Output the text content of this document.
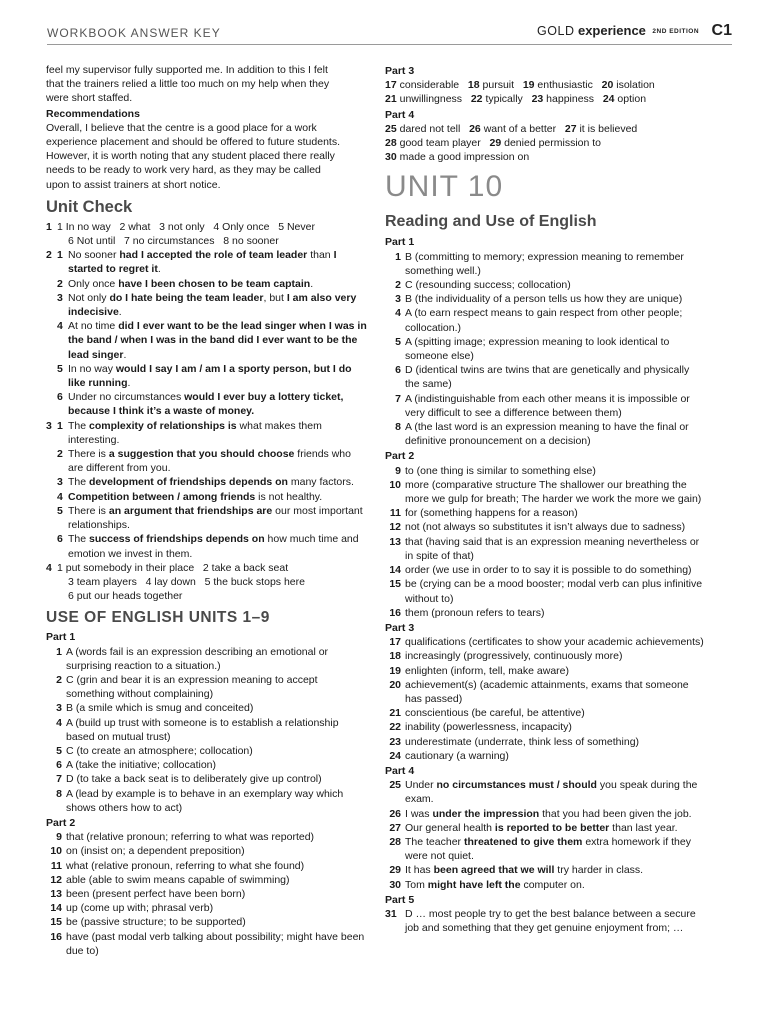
WORKBOOK ANSWER KEY	GOLD experience 2ND EDITION C1

feel my supervisor fully supported me. In addition to this I felt

that the trainers relied a little too much on my help when they

were short staffed.

Recommendations

Overall, I believe that the centre is a good place for a work

experience placement and should be offered to future students.

However, it is worth noting that any student placed there really

needs to be ready to work very hard, as they may be called

upon to assist trainers at short notice.

Unit Check
1 1 In no way   2 what   3 not only   4 Only once   5 Never
6 Not until   7 no circumstances   8 no sooner
2 1 No sooner had I accepted the role of team leader than I started to regret it.
2 Only once have I been chosen to be team captain.
3 Not only do I hate being the team leader, but I am also very indecisive.
4 At no time did I ever want to be the lead singer when I was in the band / when I was in the band did I ever want to be the lead singer.
5 In no way would I say I am / am I a sporty person, but I do like running.
6 Under no circumstances would I ever buy a lottery ticket, because I think it’s a waste of money.
3 1 The complexity of relationships is what makes them interesting.
2 There is a suggestion that you should choose friends who are different from you.
3 The development of friendships depends on many factors.
4 Competition between / among friends is not healthy.
5 There is an argument that friendships are our most important relationships.
6 The success of friendships depends on how much time and emotion we invest in them.
4 1 put somebody in their place   2 take a back seat
3 team players   4 lay down   5 the buck stops here
6 put our heads together
USE OF ENGLISH UNITS 1–9
Part 1
1 A (words fail is an expression describing an emotional or surprising reaction to a situation.)
2 C (grin and bear it is an expression meaning to accept something without complaining)
3 B (a smile which is smug and conceited)
4 A (build up trust with someone is to establish a relationship based on mutual trust)
5 C (to create an atmosphere; collocation)
6 A (take the initiative; collocation)
7 D (to take a back seat is to deliberately give up control)
8 A (lead by example is to behave in an exemplary way which shows others how to act)
Part 2
9 that (relative pronoun; referring to what was reported)
10 on (insist on; a dependent preposition)
11 what (relative pronoun, referring to what she found)
12 able (able to swim means capable of swimming)
13 been (present perfect have been born)
14 up (come up with; phrasal verb)
15 be (passive structure; to be supported)
16 have (past modal verb talking about possibility; might have been due to)
Part 3
17 considerable 18 pursuit 19 enthusiastic 20 isolation
21 unwillingness 22 typically 23 happiness 24 option
Part 4
25 dared not tell 26 want of a better 27 it is believed
28 good team player 29 denied permission to
30 made a good impression on
UNIT 10
Reading and Use of English
Part 1
1 B (committing to memory; expression meaning to remember something well.)
2 C (resounding success; collocation)
3 B (the individuality of a person tells us how they are unique)
4 A (to earn respect means to gain respect from other people; collocation.)
5 A (spitting image; expression meaning to look identical to someone else)
6 D (identical twins are twins that are genetically and physically the same)
7 A (indistinguishable from each other means it is impossible or very difficult to see a difference between them)
8 A (the last word is an expression meaning to have the final or definitive pronouncement on a decision)
Part 2
9 to (one thing is similar to something else)
10 more (comparative structure The shallower our breathing the more we gulp for breath; The harder we work the more we gain)
11 for (something happens for a reason)
12 not (not always so substitutes it isn’t always due to sadness)
13 that (having said that is an expression meaning nevertheless or in spite of that)
14 order (we use in order to to say it is possible to do something)
15 be (crying can be a mood booster; modal verb can plus infinitive without to)
16 them (pronoun refers to tears)
Part 3
17 qualifications (certificates to show your academic achievements)
18 increasingly (progressively, continuously more)
19 enlighten (inform, tell, make aware)
20 achievement(s) (academic attainments, exams that someone has passed)
21 conscientious (be careful, be attentive)
22 inability (powerlessness, incapacity)
23 underestimate (underrate, think less of something)
24 cautionary (a warning)
Part 4
25 Under no circumstances must / should you speak during the exam.
26 I was under the impression that you had been given the job.
27 Our general health is reported to be better than last year.
28 The teacher threatened to give them extra homework if they were not quiet.
29 It has been agreed that we will try harder in class.
30 Tom might have left the computer on.
Part 5
31 D … most people try to get the best balance between a secure job and something that they get genuine enjoyment from; …
